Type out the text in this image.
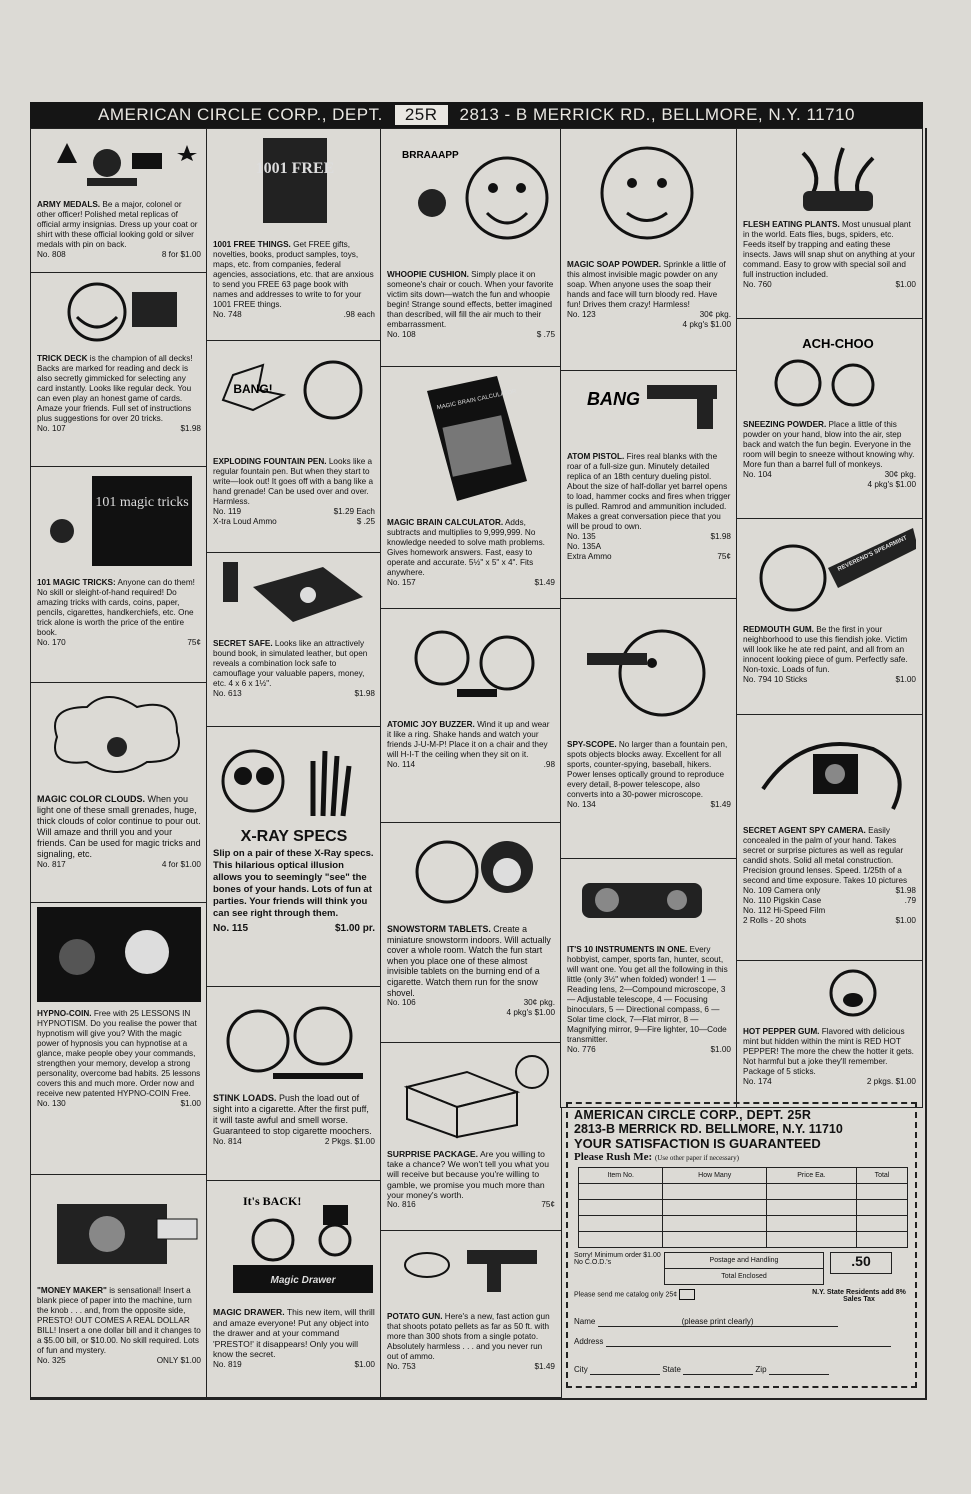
AMERICAN CIRCLE CORP., DEPT.	25R	2813 - B MERRICK RD., BELLMORE, N.Y. 11710
ARMY MEDALS. Be a major, colonel or other officer! Polished metal replicas of official army insignias. Dress up your coat or shirt with these official looking gold or silver medals with pin on back.
No. 808	8 for $1.00
TRICK DECK is the champion of all decks! Backs are marked for reading and deck is also secretly gimmicked for selecting any card instantly. Looks like regular deck. You can even play an honest game of cards. Amaze your friends. Full set of instructions plus suggestions for over 20 tricks.
No. 107	$1.98
101 magic tricks
101 MAGIC TRICKS: Anyone can do them! No skill or sleight-of-hand required! Do amazing tricks with cards, coins, paper, pencils, cigarettes, handkerchiefs, etc. One trick alone is worth the price of the entire book.
No. 170	75¢
MAGIC COLOR CLOUDS. When you light one of these small grenades, huge, thick clouds of color continue to pour out. Will amaze and thrill you and your friends. Can be used for magic tricks and signaling, etc.
No. 817	4 for $1.00
HYPNO-COIN. Free with 25 LESSONS IN HYPNOTISM. Do you realise the power that hypnotism will give you? With the magic power of hypnosis you can hypnotise at a glance, make people obey your commands, strengthen your memory, develop a strong personality, overcome bad habits. 25 lessons covers this and much more. Order now and receive new patented HYPNO-COIN Free.
No. 130	$1.00
"MONEY MAKER" is sensational! Insert a blank piece of paper into the machine, turn the knob . . . and, from the opposite side, PRESTO! OUT COMES A REAL DOLLAR BILL! Insert a one dollar bill and it changes to a $5.00 bill, or $10.00. No skill required. Lots of fun and mystery.
No. 325	ONLY $1.00
1001 FREE
1001 FREE THINGS. Get FREE gifts, novelties, books, product samples, toys, maps, etc. from companies, federal agencies, associations, etc. that are anxious to send you FREE 63 page book with names and addresses to write to for your 1001 FREE things.
No. 748	.98 each
BANG!
EXPLODING FOUNTAIN PEN. Looks like a regular fountain pen. But when they start to write—look out! It goes off with a bang like a hand grenade! Can be used over and over. Harmless.
No. 119	$1.29 Each
X-tra Loud Ammo	$ .25
SECRET SAFE. Looks like an attractively bound book, in simulated leather, but open reveals a combination lock safe to camouflage your valuable papers, money, etc. 4 x 6 x 1½".
No. 613	$1.98
X-RAY SPECS
Slip on a pair of these X-Ray specs. This hilarious optical illusion allows you to seemingly "see" the bones of your hands. Lots of fun at parties. Your friends will think you can see right through them.
No. 115	$1.00 pr.
STINK LOADS. Push the load out of sight into a cigarette. After the first puff, it will taste awful and smell worse. Guaranteed to stop cigarette moochers.
No. 814	2 Pkgs. $1.00
It's BACK!
Magic Drawer
MAGIC DRAWER. This new item, will thrill and amaze everyone! Put any object into the drawer and at your command 'PRESTO!' it disappears! Only you will know the secret.
No. 819	$1.00
BRRAAAPP
WHOOPIE CUSHION. Simply place it on someone's chair or couch. When your favorite victim sits down—watch the fun and whoopie begin! Strange sound effects, better imagined than described, will fill the air much to their embarrassment.
No. 108	$ .75
MAGIC BRAIN CALCULATOR
MAGIC BRAIN CALCULATOR. Adds, subtracts and multiplies to 9,999,999. No knowledge needed to solve math problems. Gives homework answers. Fast, easy to operate and accurate. 5½" x 5" x 4". Fits anywhere.
No. 157	$1.49
ATOMIC JOY BUZZER. Wind it up and wear it like a ring. Shake hands and watch your friends J-U-M-P! Place it on a chair and they will H-I-T the ceiling when they sit on it.
No. 114	.98
SNOWSTORM TABLETS. Create a miniature snowstorm indoors. Will actually cover a whole room. Watch the fun start when you place one of these almost invisible tablets on the burning end of a cigarette. Watch them run for the snow shovel.
No. 106	30¢ pkg.
4 pkg's $1.00
SURPRISE PACKAGE. Are you willing to take a chance? We won't tell you what you will receive but because you're willing to gamble, we promise you much more than your money's worth.
No. 816	75¢
POTATO GUN. Here's a new, fast action gun that shoots potato pellets as far as 50 ft. with more than 300 shots from a single potato. Absolutely harmless . . . and you never run out of ammo.
No. 753	$1.49
MAGIC SOAP POWDER. Sprinkle a little of this almost invisible magic powder on any soap. When anyone uses the soap their hands and face will turn bloody red. Have fun! Drives them crazy! Harmless!
No. 123	30¢ pkg.
4 pkg's $1.00
BANG
ATOM PISTOL. Fires real blanks with the roar of a full-size gun. Minutely detailed replica of an 18th century dueling pistol. About the size of half-dollar yet barrel opens to load, hammer cocks and fires when trigger is pulled. Ramrod and ammunition included. Makes a great conversation piece that you will be proud to own.
No. 135	$1.98
No. 135A
Extra Ammo	75¢
SPY-SCOPE. No larger than a fountain pen, spots objects blocks away. Excellent for all sports, counter-spying, baseball, hikers. Power lenses optically ground to reproduce every detail, 8-power telescope, also converts into a 30-power microscope.
No. 134	$1.49
IT'S 10 INSTRUMENTS IN ONE. Every hobbyist, camper, sports fan, hunter, scout, will want one. You get all the following in this little (only 3½" when folded) wonder! 1 — Reading lens, 2—Compound microscope, 3 — Adjustable telescope, 4 — Focusing binoculars, 5 — Directional compass, 6 — Solar time clock, 7—Flat mirror, 8 —Magnifying mirror, 9—Fire lighter, 10—Code transmitter.
No. 776	$1.00
FLESH EATING PLANTS. Most unusual plant in the world. Eats flies, bugs, spiders, etc. Feeds itself by trapping and eating these insects. Jaws will snap shut on anything at your command. Easy to grow with special soil and full instruction included.
No. 760	$1.00
ACH-CHOO
SNEEZING POWDER. Place a little of this powder on your hand, blow into the air, step back and watch the fun begin. Everyone in the room will begin to sneeze without knowing why. More fun than a barrel full of monkeys.
No. 104	30¢ pkg.
4 pkg's $1.00
REVEREND'S SPEARMINT
REDMOUTH GUM. Be the first in your neighborhood to use this fiendish joke. Victim will look like he ate red paint, and all from an innocent looking piece of gum. Perfectly safe. Non-toxic. Loads of fun.
No. 794 10 Sticks	$1.00
SECRET AGENT SPY CAMERA. Easily concealed in the palm of your hand. Takes secret or surprise pictures as well as regular candid shots. Solid all metal construction. Precision ground lenses. Speed. 1/25th of a second and time exposure. Takes 10 pictures
No. 109 Camera only	$1.98
No. 110 Pigskin Case	.79
No. 112 Hi-Speed Film
2 Rolls - 20 shots	$1.00
HOT PEPPER GUM. Flavored with delicious mint but hidden within the mint is RED HOT PEPPER! The more the chew the hotter it gets. Not harmful but a joke they'll remember. Package of 5 sticks.
No. 174	2 pkgs. $1.00
AMERICAN CIRCLE CORP., DEPT. 25R
2813-B MERRICK RD. BELLMORE, N.Y. 11710
YOUR SATISFACTION IS GUARANTEED
Please Rush Me: (Use other paper if necessary)
Item No.	How Many	Price Ea.	Total

Sorry! Minimum order $1.00
No C.O.D.'s	Postage and Handling
Total Enclosed
.50
Please send me catalog only 25¢	N.Y. State Residents add 8% Sales Tax
Name	(please print clearly)
Address
City	State	Zip
